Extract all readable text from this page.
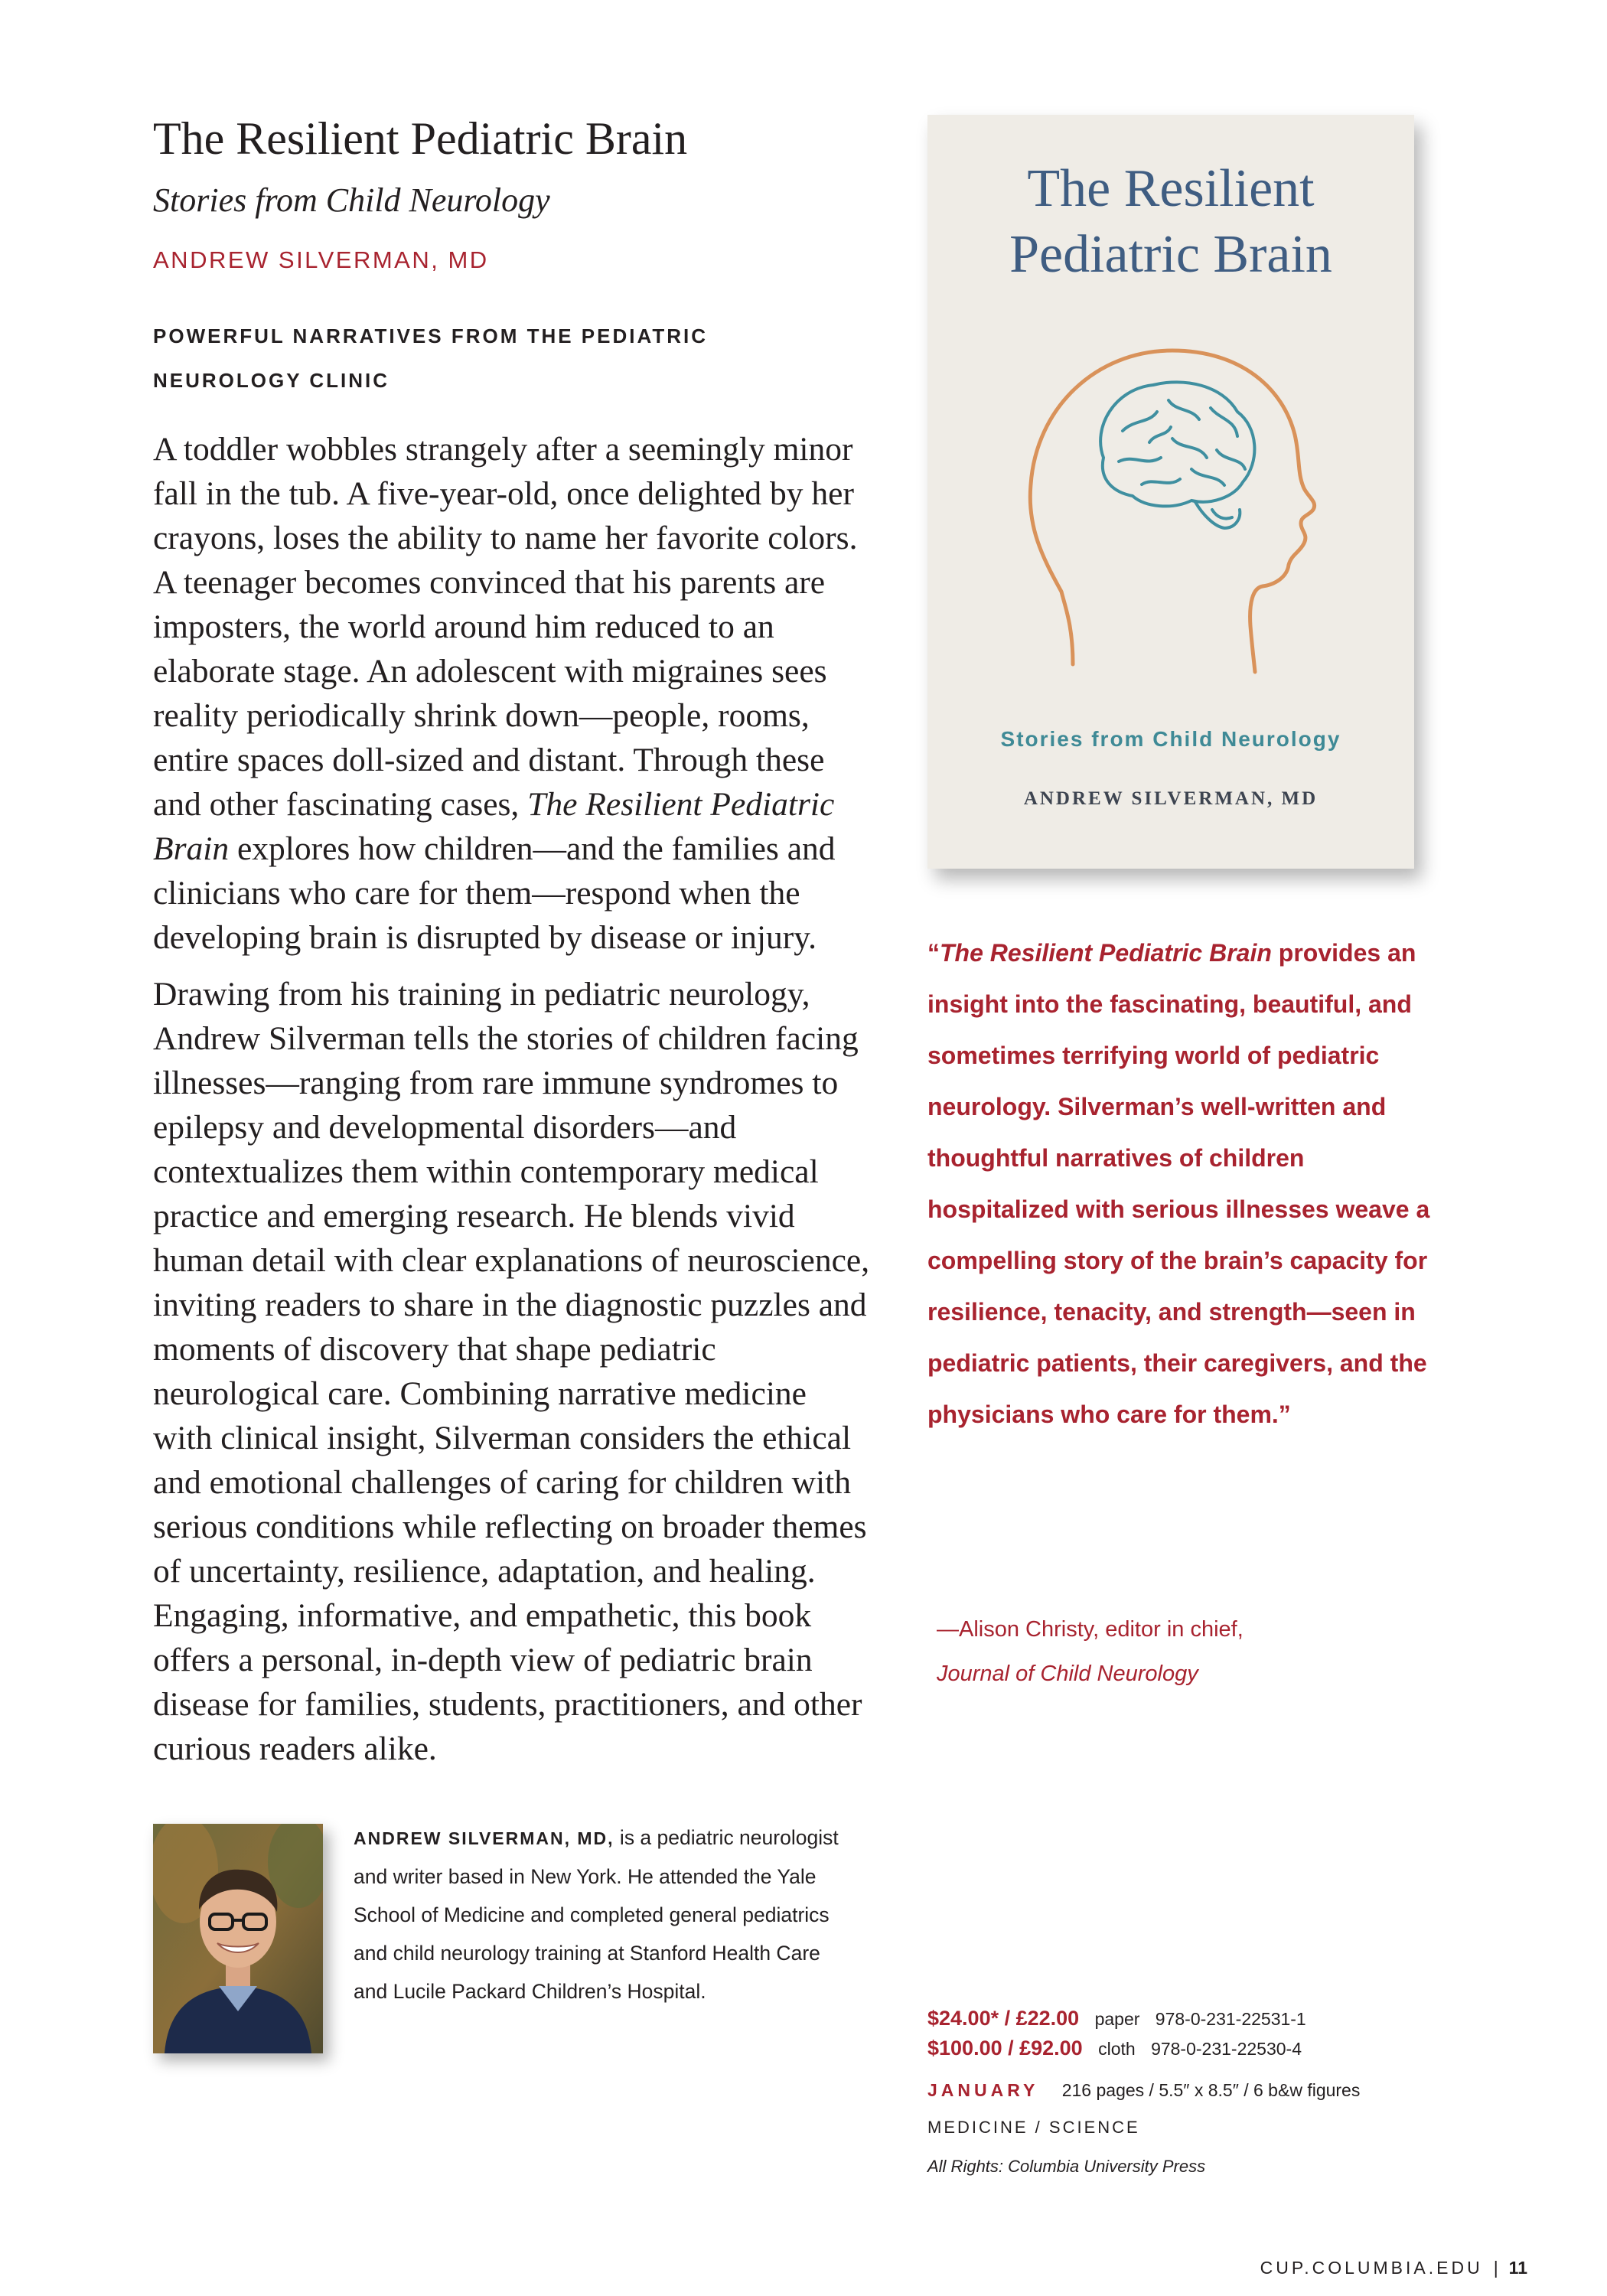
The Resilient Pediatric Brain
Stories from Child Neurology
ANDREW SILVERMAN, MD
POWERFUL NARRATIVES FROM THE PEDIATRIC NEUROLOGY CLINIC

A toddler wobbles strangely after a seemingly minor fall in the tub. A five-year-old, once delighted by her crayons, loses the ability to name her favorite colors. A teenager becomes convinced that his parents are imposters, the world around him reduced to an elaborate stage. An adolescent with migraines sees reality periodically shrink down—people, rooms, entire spaces doll-sized and distant. Through these and other fascinating cases, The Resilient Pediatric Brain explores how children—and the families and clinicians who care for them—respond when the developing brain is disrupted by disease or injury.

Drawing from his training in pediatric neurology, Andrew Silverman tells the stories of children facing illnesses—ranging from rare immune syndromes to epilepsy and developmental disorders—and contextualizes them within contemporary medical practice and emerging research. He blends vivid human detail with clear explanations of neuroscience, inviting readers to share in the diagnostic puzzles and moments of discovery that shape pediatric neurological care. Combining narrative medicine with clinical insight, Silverman considers the ethical and emotional challenges of caring for children with serious conditions while reflecting on broader themes of uncertainty, resilience, adaptation, and healing. Engaging, informative, and empathetic, this book offers a personal, in-depth view of pediatric brain disease for families, students, practitioners, and other curious readers alike.

The Resilient
Pediatric Brain
Stories from Child Neurology
ANDREW SILVERMAN, MD
“The Resilient Pediatric Brain provides an insight into the fascinating, beautiful, and sometimes terrifying world of pediatric neurology. Silverman’s well-written and thoughtful narratives of children hospitalized with serious illnesses weave a compelling story of the brain’s capacity for resilience, tenacity, and strength—seen in pediatric patients, their caregivers, and the physicians who care for them.”
—Alison Christy, editor in chief,
Journal of Child Neurology
ANDREW SILVERMAN, MD, is a pediatric neurologist and writer based in New York. He attended the Yale School of Medicine and completed general pediatrics and child neurology training at Stanford Health Care and Lucile Packard Children’s Hospital.
$24.00* / £22.00 paper 978-0-231-22531-1
$100.00 / £92.00 cloth 978-0-231-22530-4
JANUARY 216 pages / 5.5″ x 8.5″ / 6 b&w figures
MEDICINE / SCIENCE
All Rights: Columbia University Press
CUP.COLUMBIA.EDU | 11
